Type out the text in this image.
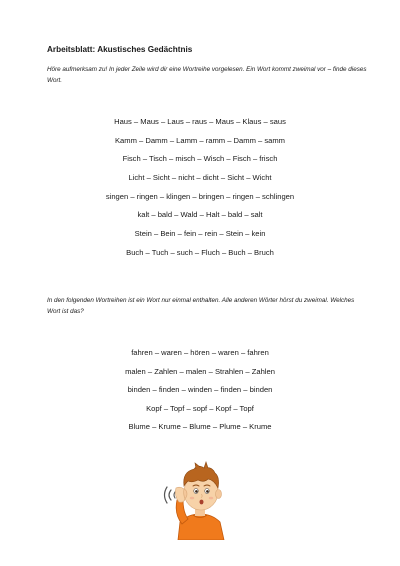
Arbeitsblatt: Akustisches Gedächtnis
Höre aufmerksam zu! In jeder Zeile wird dir eine Wortreihe vorgelesen. Ein Wort kommt zweimal vor – finde dieses Wort.
Haus – Maus – Laus – raus – Maus – Klaus – saus
Kamm – Damm – Lamm – ramm – Damm – samm
Fisch – Tisch – misch – Wisch – Fisch – frisch
Licht – Sicht – nicht – dicht – Sicht – Wicht
singen – ringen – klingen – bringen – ringen – schlingen
kalt – bald – Wald – Halt – bald – salt
Stein – Bein – fein – rein – Stein – kein
Buch – Tuch – such – Fluch – Buch – Bruch
In den folgenden Wortreihen ist ein Wort nur einmal enthalten. Alle anderen Wörter hörst du zweimal. Welches Wort ist das?
fahren – waren – hören – waren – fahren
malen – Zahlen – malen – Strahlen – Zahlen
binden – finden – winden – finden – binden
Kopf – Topf – sopf – Kopf – Topf
Blume – Krume – Blume – Plume – Krume
